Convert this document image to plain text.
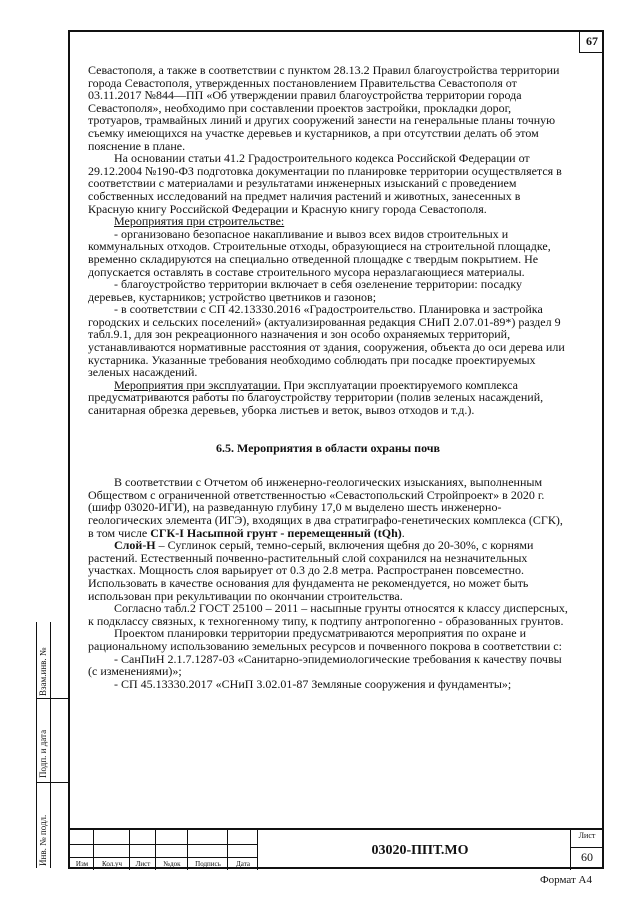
67

Севастополя, а также в соответствии с пунктом 28.13.2 Правил благоустройства территории города Севастополя, утвержденных постановлением Правительства Севастополя от 03.11.2017 №844—ПП «Об утверждении правил благоустройства территории города Севастополя», необходимо при составлении проектов застройки, прокладки дорог, тротуаров, трамвайных линий и других сооружений занести на генеральные планы точную съемку имеющихся на участке деревьев и кустарников, а при отсутствии делать об этом пояснение в плане.

На основании статьи 41.2 Градостроительного кодекса Российской Федерации от 29.12.2004 №190-ФЗ подготовка документации по планировке территории осуществляется в соответствии с материалами и результатами инженерных изысканий с проведением собственных исследований на предмет наличия растений и животных, занесенных в Красную книгу Российской Федерации и Красную книгу города Севастополя.

Мероприятия при строительстве:

- организовано безопасное накапливание и вывоз всех видов строительных и коммунальных отходов. Строительные отходы, образующиеся на строительной площадке, временно складируются на специально отведенной площадке с твердым покрытием. Не допускается оставлять в составе строительного мусора неразлагающиеся материалы.

- благоустройство территории включает в себя озеленение территории: посадку деревьев, кустарников; устройство цветников и газонов;

- в соответствии с СП 42.13330.2016 «Градостроительство. Планировка и застройка городских и сельских поселений» (актуализированная редакция СНиП 2.07.01-89*) раздел 9 табл.9.1, для зон рекреационного назначения и зон особо охраняемых территорий, устанавливаются нормативные расстояния от здания, сооружения, объекта до оси дерева или кустарника. Указанные требования необходимо соблюдать при посадке проектируемых зеленых насаждений.

Мероприятия при эксплуатации. При эксплуатации проектируемого комплекса предусматриваются работы по благоустройству территории (полив зеленых насаждений, санитарная обрезка деревьев, уборка листьев и веток, вывоз отходов и т.д.).

6.5. Мероприятия в области охраны почв

В соответствии с Отчетом об инженерно-геологических изысканиях, выполненным Обществом с ограниченной ответственностью «Севастопольский Стройпроект» в 2020 г. (шифр 03020-ИГИ), на разведанную глубину 17,0 м выделено шесть инженерно-геологических элемента (ИГЭ), входящих в два стратиграфо-генетических комплекса (СГК), в том числе СГК-I Насыпной грунт - перемещенный (tQh).

Слой-Н – Суглинок серый, темно-серый, включения щебня до 20-30%, с корнями растений. Естественный почвенно-растительный слой сохранился на незначительных участках. Мощность слоя варьирует от 0.3 до 2.8 метра. Распространен повсеместно. Использовать в качестве основания для фундамента не рекомендуется, но может быть использован при рекультивации по окончании строительства.

Согласно табл.2 ГОСТ 25100 – 2011 – насыпные грунты относятся к классу дисперсных, к подклассу связных, к техногенному типу, к подтипу антропогенно - образованных грунтов.

Проектом планировки территории предусматриваются мероприятия по охране и рациональному использованию земельных ресурсов и почвенного покрова в соответствии с:

- СанПиН 2.1.7.1287-03 «Санитарно-эпидемиологические требования к качеству почвы (с изменениями)»;

- СП 45.13330.2017 «СНиП 3.02.01-87 Земляные сооружения и фундаменты»;

Взам.инв. №
Подп. и дата
Инв. № подл.	Изм	Кол.уч	Лист	№док	Подпись	Дата
03020-ППТ.МО
Лист
60
Формат А4
